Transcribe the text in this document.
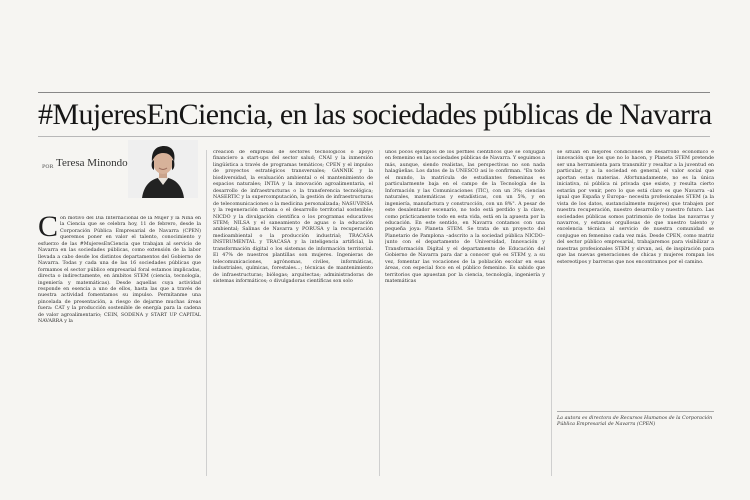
#MujeresEnCiencia, en las sociedades públicas de Navarra
POR Teresa Minondo

Con motivo del Día Internacional de la Mujer y la Niña en la Ciencia que se celebra hoy, 11 de febrero, desde la Corporación Pública Empresarial de Navarra (CPEN) queremos poner en valor el talento, conocimiento y esfuerzo de las #MujeresEnCiencia que trabajan al servicio de Navarra en las sociedades públicas, como extensión de la labor llevada a cabo desde los distintos departamentos del Gobierno de Navarra. Todas y cada una de las 16 sociedades públicas que formamos el sector público empresarial foral estamos implicadas, directa o indirectamente, en ámbitos STEM (ciencia, tecnología, ingeniería y matemáticas). Desde aquellas cuya actividad responde en esencia a uno de ellos, hasta las que a través de nuestra actividad fomentamos su impulso. Permítanme una pincelada de presentación, a riesgo de dejarme muchas áreas fuera: CAT y la producción sostenible de energía para la cadena de valor agroalimentario; CEIN, SODENA y START UP CAPITAL NAVARRA y la

creación de empresas de sectores tecnológicos o apoyo financiero a start-ups del sector salud; CNAI y la inmersión lingüística a través de programas temáticos; CPEN y el impulso de proyectos estratégicos transversales; GANNIK y la biodiversidad, la evaluación ambiental o el mantenimiento de espacios naturales; INTIA y la innovación agroalimentaria, el desarrollo de infraestructuras o la transferencia tecnológica; NASERTIC y la supercomputación, la gestión de infraestructuras de telecomunicaciones o la medicina personalizada; NASUVINSA y la regeneración urbana o el desarrollo territorial sostenible; NICDO y la divulgación científica o los programas educativos STEM; NILSA y el saneamiento de aguas o la educación ambiental; Salinas de Navarra y PORUSA y la recuperación medioambiental o la producción industrial; TRACASA INSTRUMENTAL y TRACASA y la inteligencia artificial, la transformación digital o los sistemas de información territorial. El 47% de nuestros plantillas son mujeres. Ingenieras de telecomunicaciones, agrónomas, civiles, informáticas, industriales, químicas, forestales…; técnicas de mantenimiento de infraestructuras; biólogas; arquitectas; administradoras de sistemas informáticos; o divulgadoras científicas son solo

unos pocos ejemplos de los perfiles científicos que se conjugan en femenino en las sociedades públicas de Navarra. Y seguimos a más, aunque, siendo realistas, las perspectivas no son nada halagüeñas. Los datos de la UNESCO así lo confirman. "En todo el mundo, la matrícula de estudiantes femeninas es particularmente baja en el campo de la Tecnología de la Información y las Comunicaciones (TIC), con un 3%; ciencias naturales, matemáticas y estadísticas, con un 5%, y en ingeniería, manufactura y construcción, con un 8%". A pesar de este desalentador escenario, no todo está perdido y la clave, como prácticamente todo en esta vida, está en la apuesta por la educación. En este sentido, en Navarra contamos con una pequeña joya: Planeta STEM. Se trata de un proyecto del Planetario de Pamplona –adscrito a la sociedad pública NICDO– junto con el departamento de Universidad, Innovación y Transformación Digital y el departamento de Educación del Gobierno de Navarra para dar a conocer qué es STEM y, a su vez, fomentar las vocaciones de la población escolar en esas áreas, con especial foco en el público femenino. Es sabido que territorios que apuestan por la ciencia, tecnología, ingeniería y matemáticas

se sitúan en mejores condiciones de desarrollo económico e innovación que los que no lo hacen, y Planeta STEM pretende ser una herramienta para transmitir y resaltar a la juventud en particular, y a la sociedad en general, el valor social que aportan estas materias. Afortunadamente, no es la única iniciativa, ni pública ni privada que existe, y resulta cierto estarán por venir, pero lo que está claro es que Navarra –al igual que España y Europa– necesita profesionales STEM (a la vista de los datos, sustancialmente mujeres) que trabajen por nuestra recuperación, nuestro desarrollo y nuestro futuro. Las sociedades públicas somos patrimonio de todas las navarras y navarros, y estamos orgullosas de que nuestro talento y excelencia técnica al servicio de nuestra comunidad se conjugue en femenino cada vez más. Desde CPEN, como matriz del sector público empresarial, trabajaremos para visibilizar a nuestras profesionales STEM y sirvan, así, de inspiración para que las nuevas generaciones de chicas y mujeres rompan los estereotipos y barreras que nos encontramos por el camino.

La autora es directora de Recursos Humanos de la Corporación Pública Empresarial de Navarra (CPEN)
